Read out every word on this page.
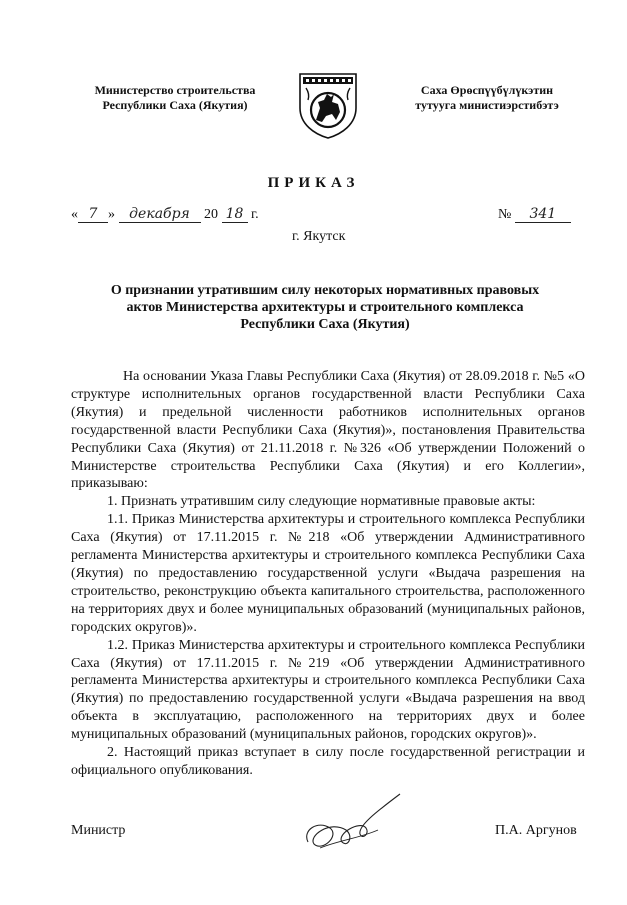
Министерство строительства
Республики Саха (Якутия)
Саха Өрөспүүбүлүкэтин
тутууга министиэрстибэтэ
ПРИКАЗ
« 7 » декабря 20 18 г.	№ 341
г. Якутск
О признании утратившим силу некоторых нормативных правовых
актов Министерства архитектуры и строительного комплекса
Республики Саха (Якутия)

На основании Указа Главы Республики Саха (Якутия) от 28.09.2018 г. №5 «О структуре исполнительных органов государственной власти Республики Саха (Якутия) и предельной численности работников исполнительных органов государственной власти Республики Саха (Якутия)», постановления Правительства Республики Саха (Якутия) от 21.11.2018 г. №326 «Об утверждении Положений о Министерстве строительства Республики Саха (Якутия) и его Коллегии», приказываю:

1. Признать утратившим силу следующие нормативные правовые акты:

1.1. Приказ Министерства архитектуры и строительного комплекса Республики Саха (Якутия) от 17.11.2015 г. №218 «Об утверждении Административного регламента Министерства архитектуры и строительного комплекса Республики Саха (Якутия) по предоставлению государственной услуги «Выдача разрешения на строительство, реконструкцию объекта капитального строительства, расположенного на территориях двух и более муниципальных образований (муниципальных районов, городских округов)».

1.2. Приказ Министерства архитектуры и строительного комплекса Республики Саха (Якутия) от 17.11.2015 г. №219 «Об утверждении Административного регламента Министерства архитектуры и строительного комплекса Республики Саха (Якутия) по предоставлению государственной услуги «Выдача разрешения на ввод объекта в эксплуатацию, расположенного на территориях двух и более муниципальных образований (муниципальных районов, городских округов)».

2. Настоящий приказ вступает в силу после государственной регистрации и официального опубликования.

Министр	П.А. Аргунов
